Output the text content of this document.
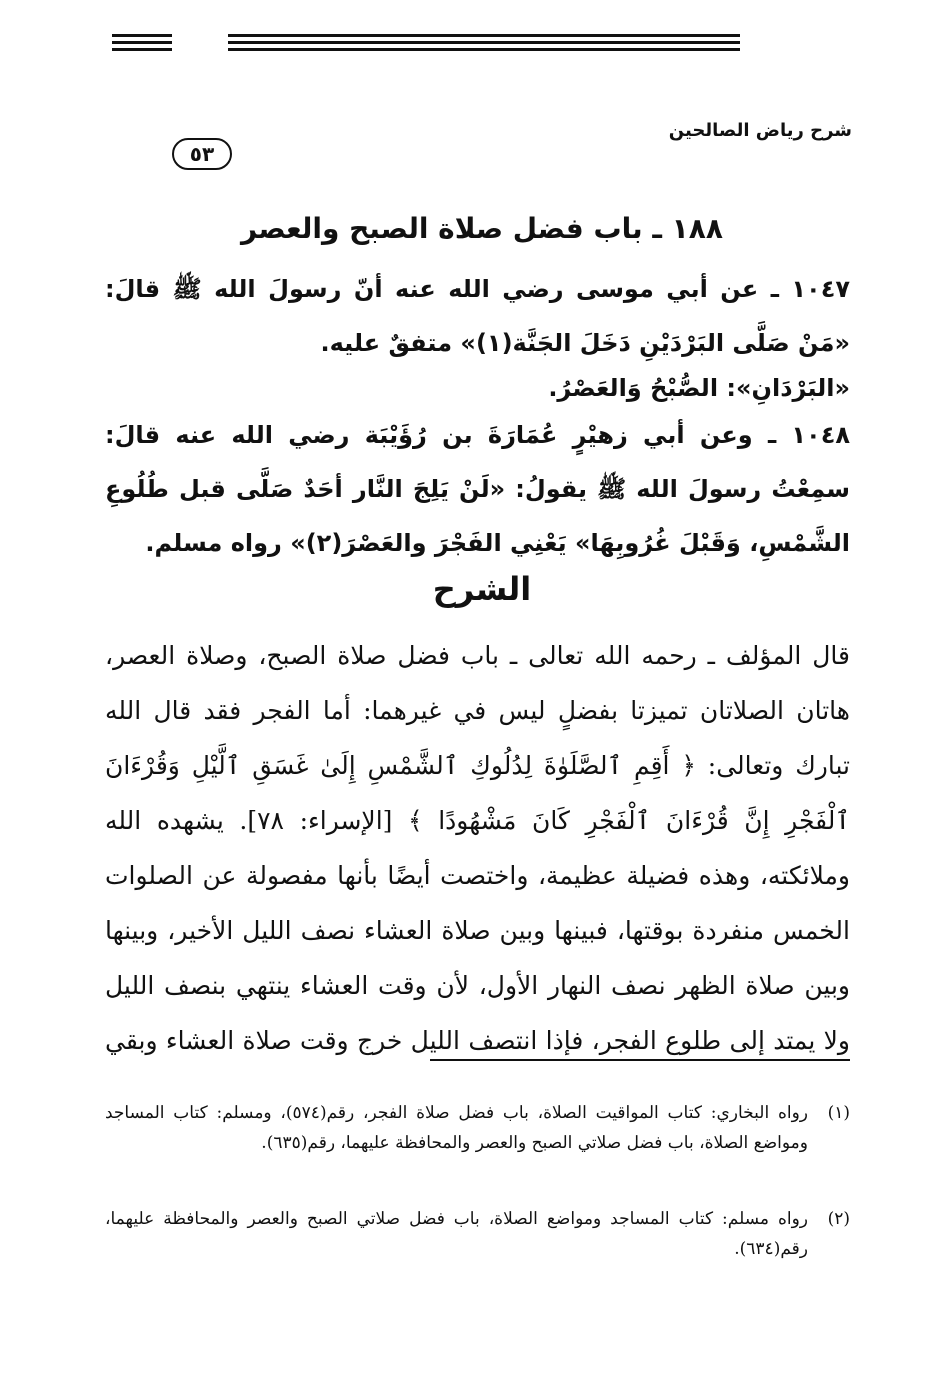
شرح رياض الصالحين
٥٣
١٨٨ ـ باب فضل صلاة الصبح والعصر
١٠٤٧ ـ عن أبي موسى رضي الله عنه أنّ رسولَ الله ﷺ قالَ: «مَنْ صَلَّى البَرْدَيْنِ دَخَلَ الجَنَّة(١)» متفقٌ عليه.
«البَرْدَانِ»: الصُّبْحُ وَالعَصْرُ.
١٠٤٨ ـ وعن أبي زهيْرٍ عُمَارَةَ بن رُؤَيْبَة رضي الله عنه قالَ: سمِعْتُ رسولَ الله ﷺ يقولُ: «لَنْ يَلِجَ النَّار أحَدٌ صَلَّى قبل طُلُوعِ الشَّمْسِ، وَقَبْلَ غُرُوبِهَا» يَعْنِي الفَجْرَ والعَصْرَ(٢)» رواه مسلم.
الشرح
قال المؤلف ـ رحمه الله تعالى ـ باب فضل صلاة الصبح، وصلاة العصر، هاتان الصلاتان تميزتا بفضلٍ ليس في غيرهما: أما الفجر فقد قال الله تبارك وتعالى: ﴿ أَقِمِ ٱلصَّلَوٰةَ لِدُلُوكِ ٱلشَّمْسِ إِلَىٰ غَسَقِ ٱلَّيْلِ وَقُرْءَانَ ٱلْفَجْرِ إِنَّ قُرْءَانَ ٱلْفَجْرِ كَانَ مَشْهُودًا ﴾ [الإسراء: ٧٨]. يشهده الله وملائكته، وهذه فضيلة عظيمة، واختصت أيضًا بأنها مفصولة عن الصلوات الخمس منفردة بوقتها، فبينها وبين صلاة العشاء نصف الليل الأخير، وبينها وبين صلاة الظهر نصف النهار الأول، لأن وقت العشاء ينتهي بنصف الليل ولا يمتد إلى طلوع الفجر، فإذا انتصف الليل خرج وقت صلاة العشاء وبقي
(١)
رواه البخاري: كتاب المواقيت الصلاة، باب فضل صلاة الفجر، رقم(٥٧٤)، ومسلم: كتاب المساجد ومواضع الصلاة، باب فضل صلاتي الصبح والعصر والمحافظة عليهما، رقم(٦٣٥).
(٢)
رواه مسلم: كتاب المساجد ومواضع الصلاة، باب فضل صلاتي الصبح والعصر والمحافظة عليهما، رقم(٦٣٤).
